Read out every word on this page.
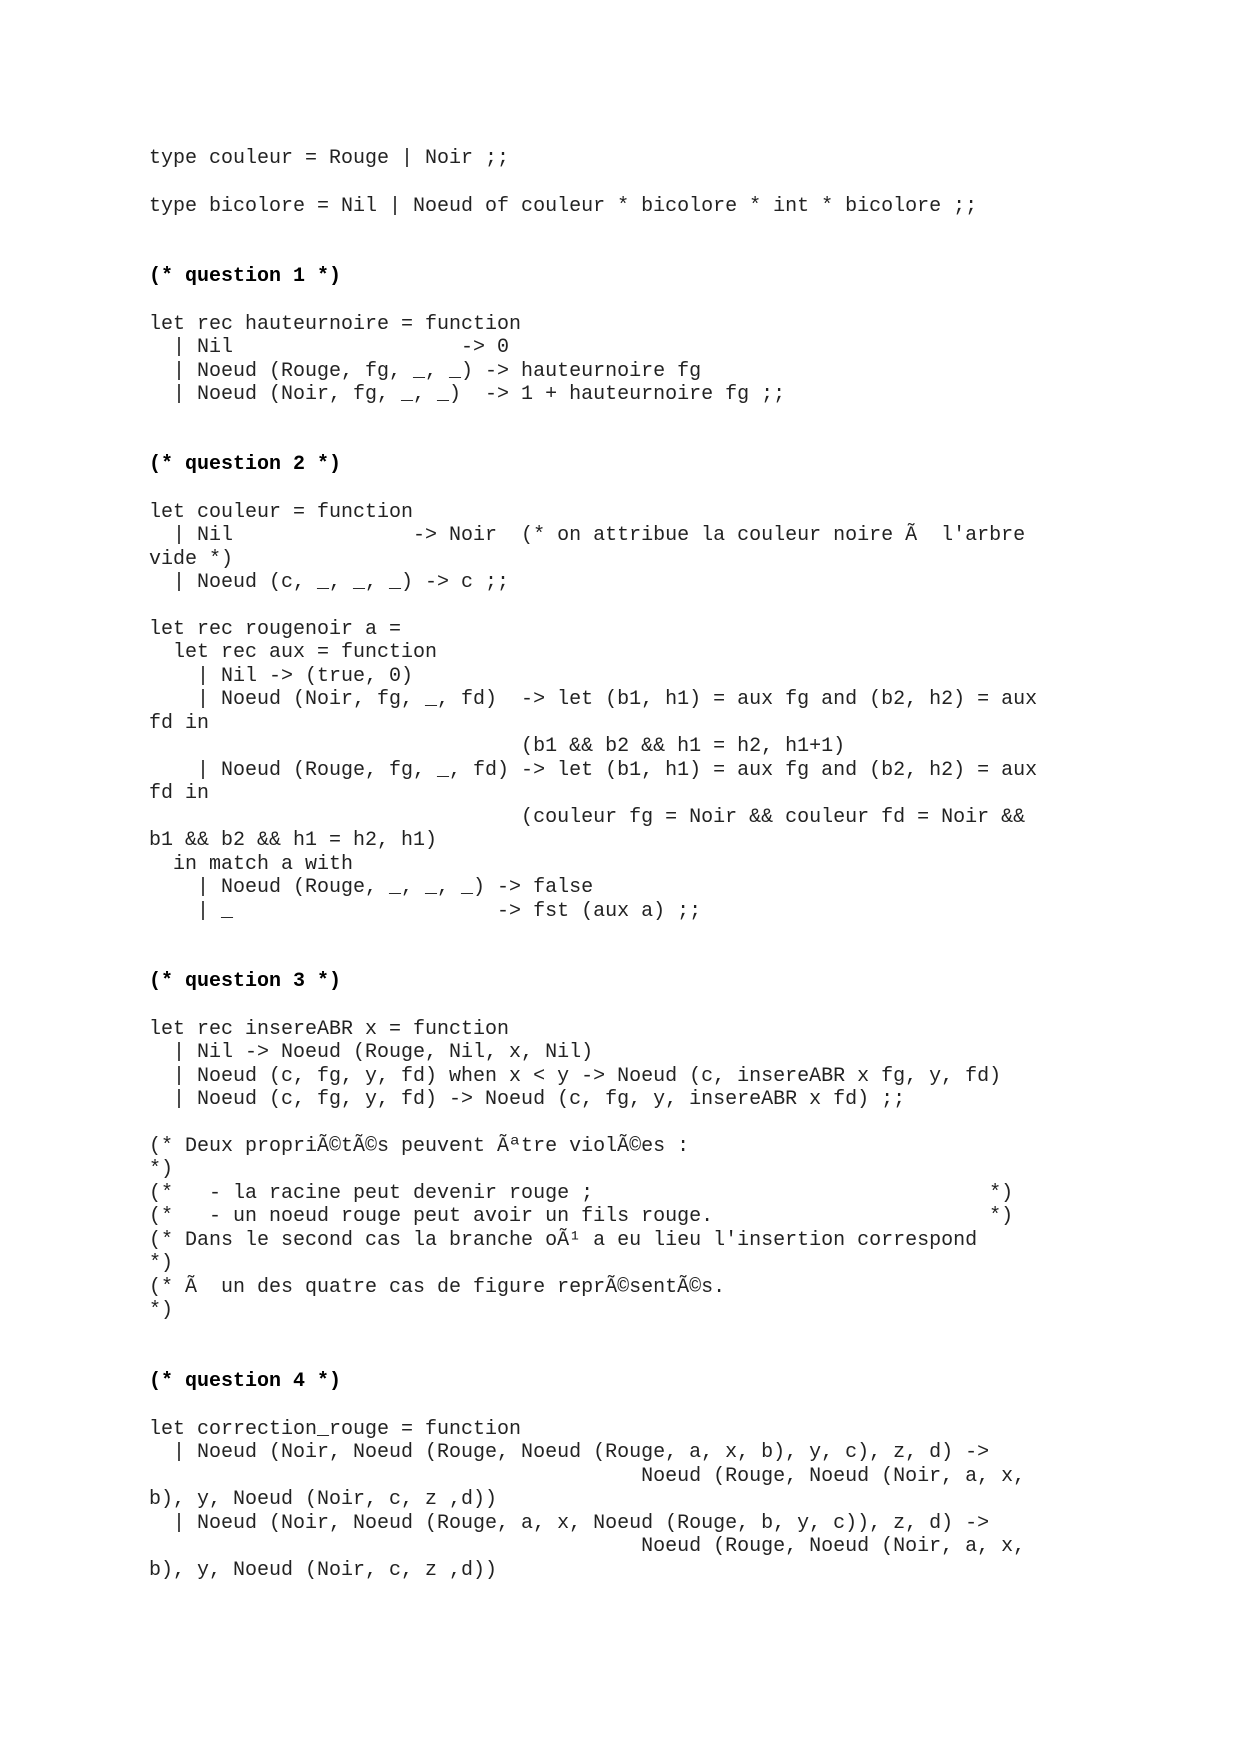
type couleur = Rouge | Noir ;;
type bicolore = Nil | Noeud of couleur * bicolore * int * bicolore ;;
(* question 1 *)
let rec hauteurnoire = function
| Nil                   -> 0
| Noeud (Rouge, fg, _, _) -> hauteurnoire fg
| Noeud (Noir, fg, _, _)  -> 1 + hauteurnoire fg ;;
(* question 2 *)
let couleur = function
| Nil               -> Noir  (* on attribue la couleur noire Ã  l'arbre
vide *)
| Noeud (c, _, _, _) -> c ;;
let rec rougenoir a =
let rec aux = function
| Nil -> (true, 0)
| Noeud (Noir, fg, _, fd)  -> let (b1, h1) = aux fg and (b2, h2) = aux
fd in
(b1 && b2 && h1 = h2, h1+1)
| Noeud (Rouge, fg, _, fd) -> let (b1, h1) = aux fg and (b2, h2) = aux
fd in
(couleur fg = Noir && couleur fd = Noir &&
b1 && b2 && h1 = h2, h1)
in match a with
| Noeud (Rouge, _, _, _) -> false
| _                      -> fst (aux a) ;;
(* question 3 *)
let rec insereABR x = function
| Nil -> Noeud (Rouge, Nil, x, Nil)
| Noeud (c, fg, y, fd) when x < y -> Noeud (c, insereABR x fg, y, fd)
| Noeud (c, fg, y, fd) -> Noeud (c, fg, y, insereABR x fd) ;;
(* Deux propriÃ©tÃ©s peuvent Ãªtre violÃ©es :
*)
(*   - la racine peut devenir rouge ;                                 *)
(*   - un noeud rouge peut avoir un fils rouge.                       *)
(* Dans le second cas la branche oÃ¹ a eu lieu l'insertion correspond
*)
(* Ã  un des quatre cas de figure reprÃ©sentÃ©s.
*)
(* question 4 *)
let correction_rouge = function
| Noeud (Noir, Noeud (Rouge, Noeud (Rouge, a, x, b), y, c), z, d) ->
Noeud (Rouge, Noeud (Noir, a, x,
b), y, Noeud (Noir, c, z ,d))
| Noeud (Noir, Noeud (Rouge, a, x, Noeud (Rouge, b, y, c)), z, d) ->
Noeud (Rouge, Noeud (Noir, a, x,
b), y, Noeud (Noir, c, z ,d))
